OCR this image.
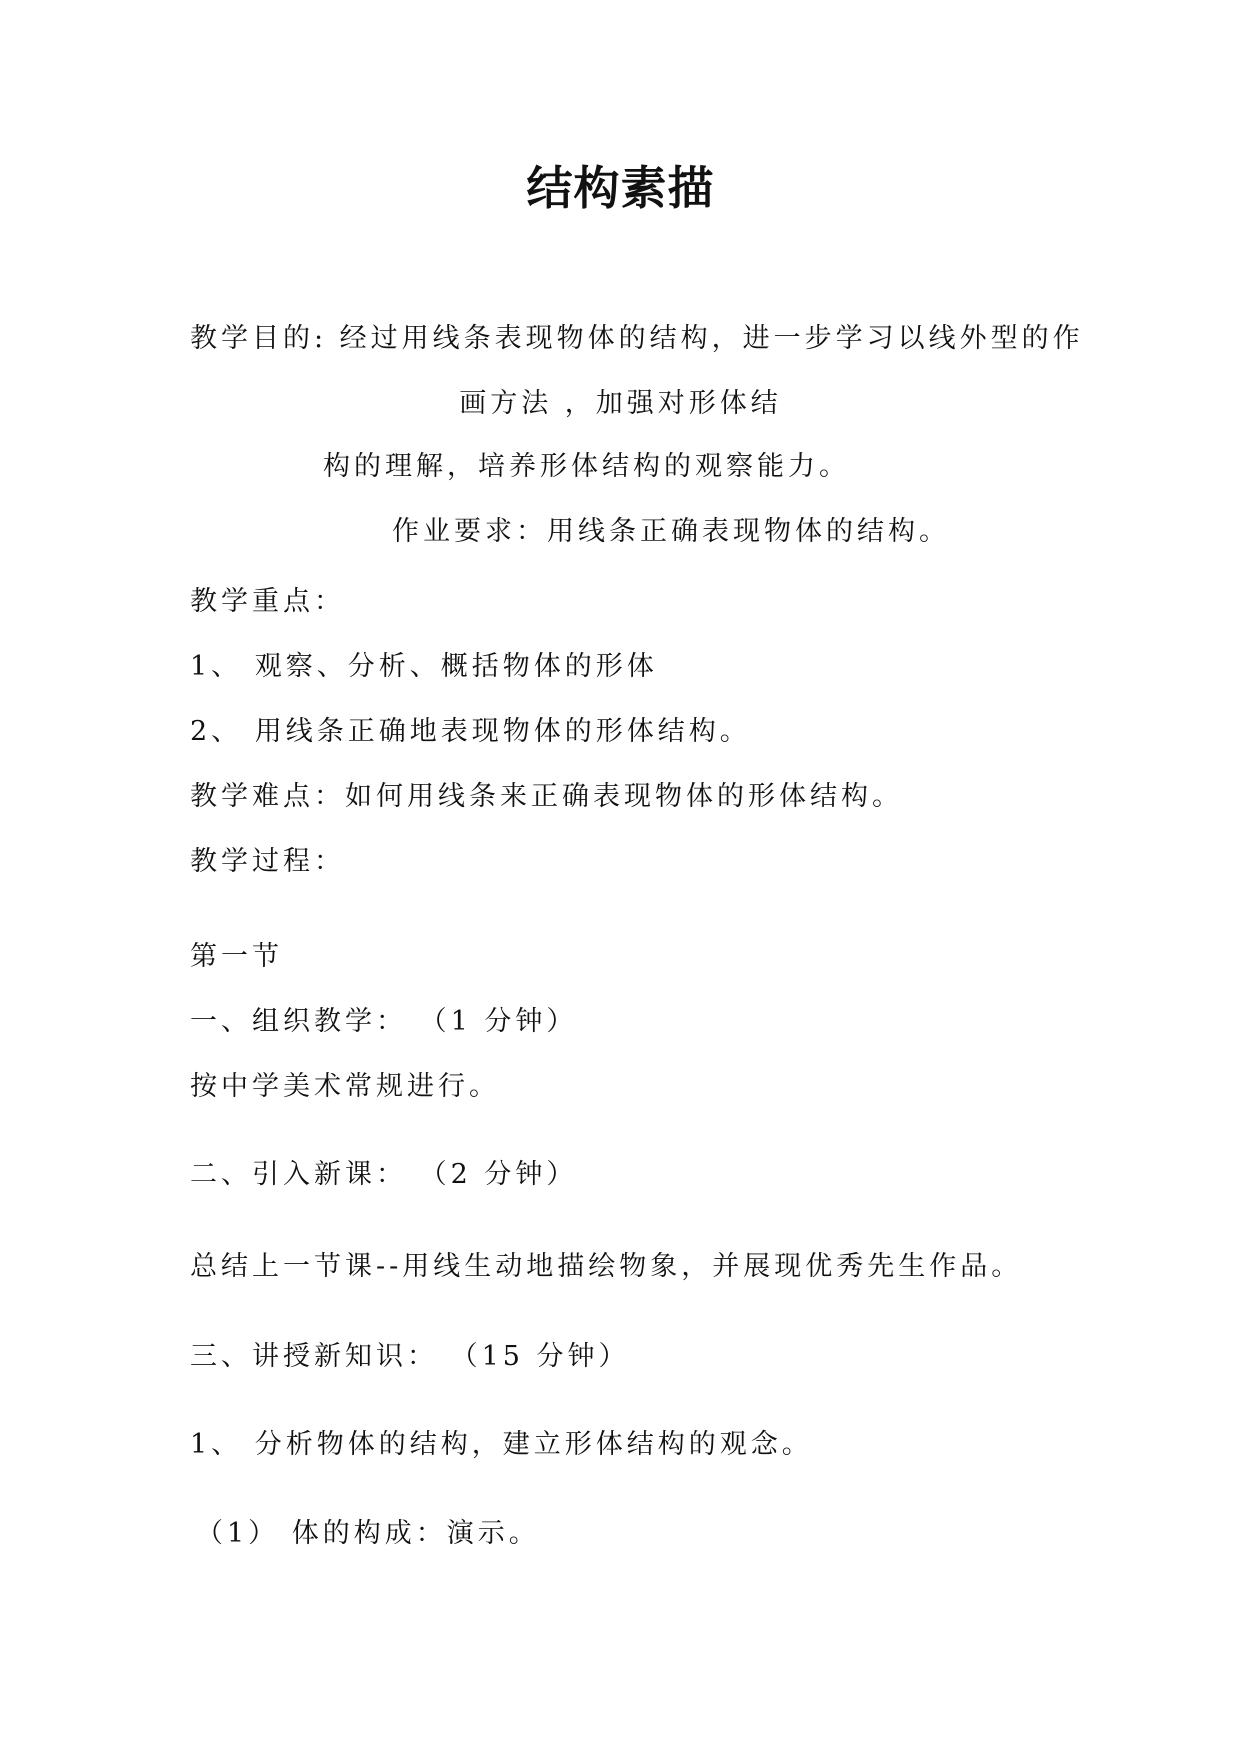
结构素描
教学目的: 经过用线条表现物体的结构，进一步学习以线外型的作
画方法 ，加强对形体结
构的理解，培养形体结构的观察能力。
作业要求：用线条正确表现物体的结构。
教学重点：
1、 观察、分析、概括物体的形体
2、 用线条正确地表现物体的形体结构。
教学难点：如何用线条来正确表现物体的形体结构。
教学过程：
第一节
一、组织教学： （1 分钟）
按中学美术常规进行。
二、引入新课： （2 分钟）
总结上一节课--用线生动地描绘物象，并展现优秀先生作品。
三、讲授新知识： （15 分钟）
1、 分析物体的结构，建立形体结构的观念。
（1） 体的构成：演示。
